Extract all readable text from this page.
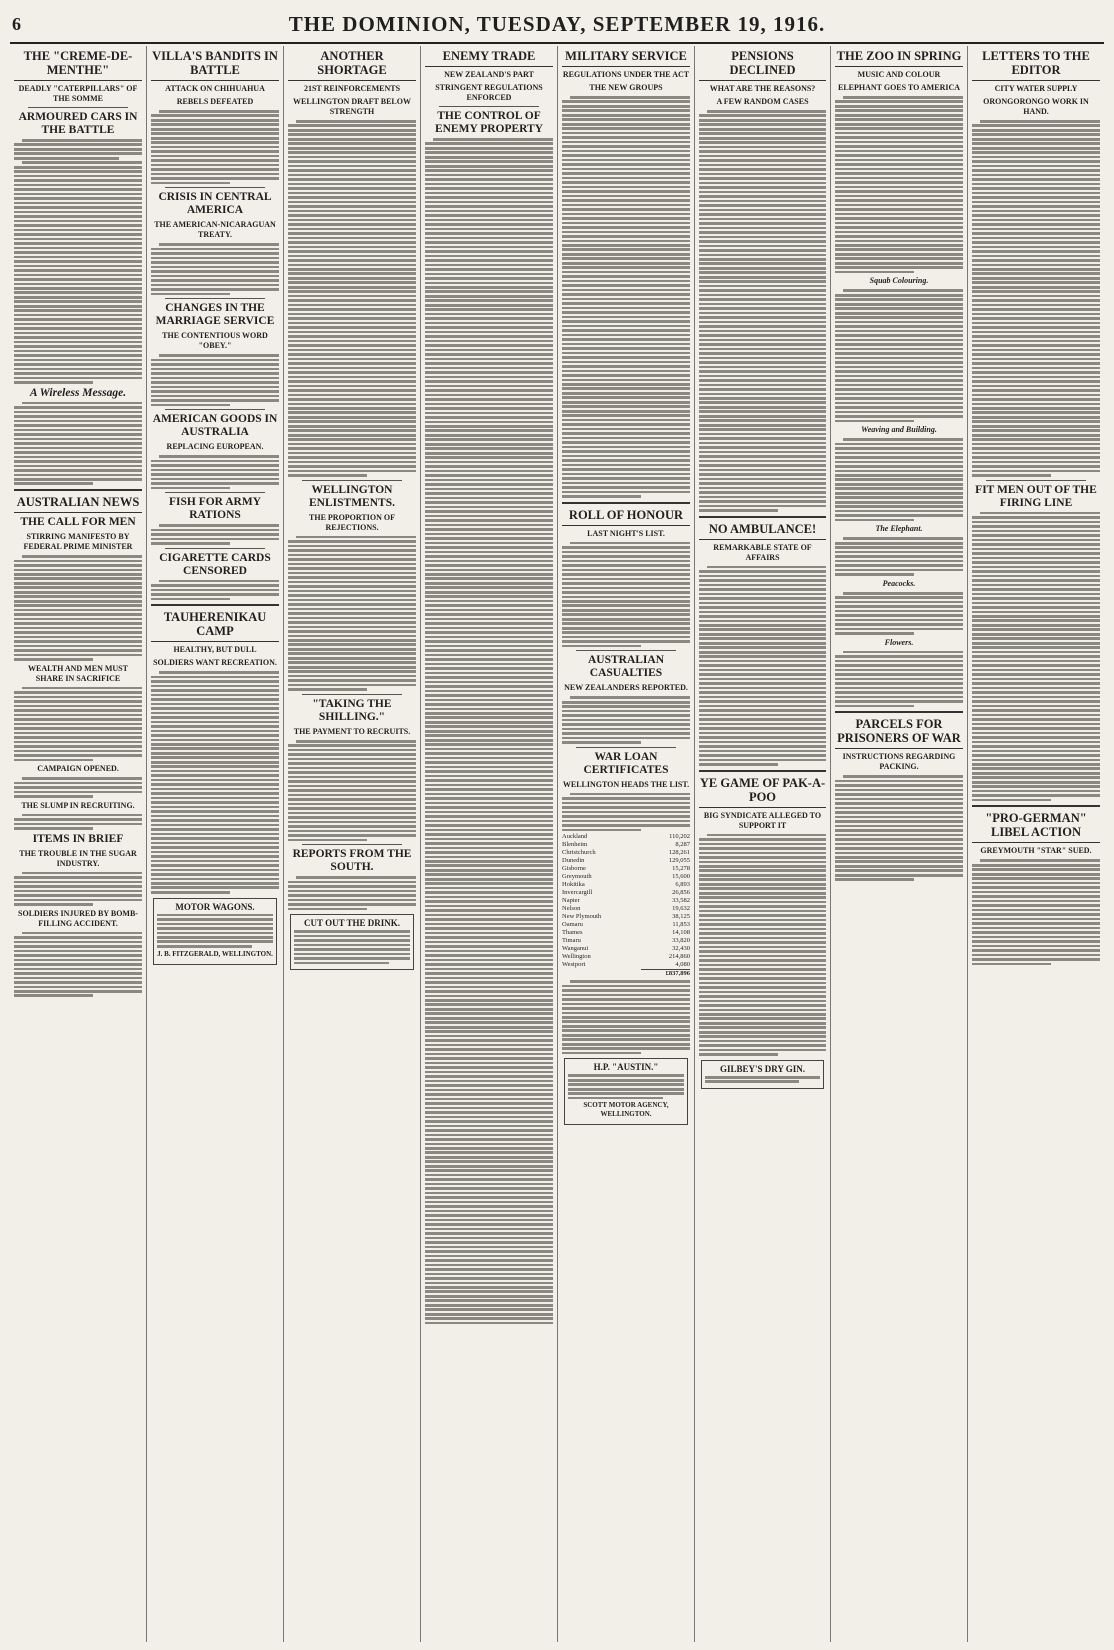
6	THE DOMINION, TUESDAY, SEPTEMBER 19, 1916.
THE "CREME-DE-MENTHE"
DEADLY "CATERPILLARS" OF THE SOMME
ARMOURED CARS IN THE BATTLE
A Wireless Message.
AUSTRALIAN NEWS
THE CALL FOR MEN
STIRRING MANIFESTO BY FEDERAL PRIME MINISTER
WEALTH AND MEN MUST SHARE IN SACRIFICE
CAMPAIGN OPENED.
THE SLUMP IN RECRUITING.
ITEMS IN BRIEF
THE TROUBLE IN THE SUGAR INDUSTRY.
SOLDIERS INJURED BY BOMB-FILLING ACCIDENT.
VILLA'S BANDITS IN BATTLE
ATTACK ON CHIHUAHUA
REBELS DEFEATED
CRISIS IN CENTRAL AMERICA
THE AMERICAN-NICARAGUAN TREATY.
CHANGES IN THE MARRIAGE SERVICE
THE CONTENTIOUS WORD "OBEY."
AMERICAN GOODS IN AUSTRALIA
REPLACING EUROPEAN.
FISH FOR ARMY RATIONS
CIGARETTE CARDS CENSORED
TAUHERENIKAU CAMP
HEALTHY, BUT DULL
SOLDIERS WANT RECREATION.
MOTOR WAGONS.
J. B. FITZGERALD, WELLINGTON.
ANOTHER SHORTAGE
21ST REINFORCEMENTS
WELLINGTON DRAFT BELOW STRENGTH
WELLINGTON ENLISTMENTS.
THE PROPORTION OF REJECTIONS.
"TAKING THE SHILLING."
THE PAYMENT TO RECRUITS.
REPORTS FROM THE SOUTH.
CUT OUT THE DRINK.
ENEMY TRADE
NEW ZEALAND'S PART
STRINGENT REGULATIONS ENFORCED
THE CONTROL OF ENEMY PROPERTY
MILITARY SERVICE
REGULATIONS UNDER THE ACT
THE NEW GROUPS
ROLL OF HONOUR
LAST NIGHT'S LIST.
AUSTRALIAN CASUALTIES
NEW ZEALANDERS REPORTED.
WAR LOAN CERTIFICATES
WELLINGTON HEADS THE LIST.
Auckland	110,202
Blenheim	8,287
Christchurch	128,261
Dunedin	129,055
Gisborne	15,278
Greymouth	15,600
Hokitika	6,893
Invercargill	26,856
Napier	33,582
Nelson	19,632
New Plymouth	38,125
Oamaru	11,853
Thames	14,108
Timaru	33,820
Wanganui	32,430
Wellington	214,860
Westport	4,080
	£837,896
H.P. "AUSTIN."
SCOTT MOTOR AGENCY, WELLINGTON.
PENSIONS DECLINED
WHAT ARE THE REASONS?
A FEW RANDOM CASES
NO AMBULANCE!
REMARKABLE STATE OF AFFAIRS
YE GAME OF PAK-A-POO
BIG SYNDICATE ALLEGED TO SUPPORT IT
GILBEY'S DRY GIN.
THE ZOO IN SPRING
MUSIC AND COLOUR
ELEPHANT GOES TO AMERICA
Squab Colouring.
Weaving and Building.
The Elephant.
Peacocks.
Flowers.
PARCELS FOR PRISONERS OF WAR
INSTRUCTIONS REGARDING PACKING.
LETTERS TO THE EDITOR
CITY WATER SUPPLY
ORONGORONGO WORK IN HAND.
FIT MEN OUT OF THE FIRING LINE
"PRO-GERMAN" LIBEL ACTION
GREYMOUTH "STAR" SUED.
